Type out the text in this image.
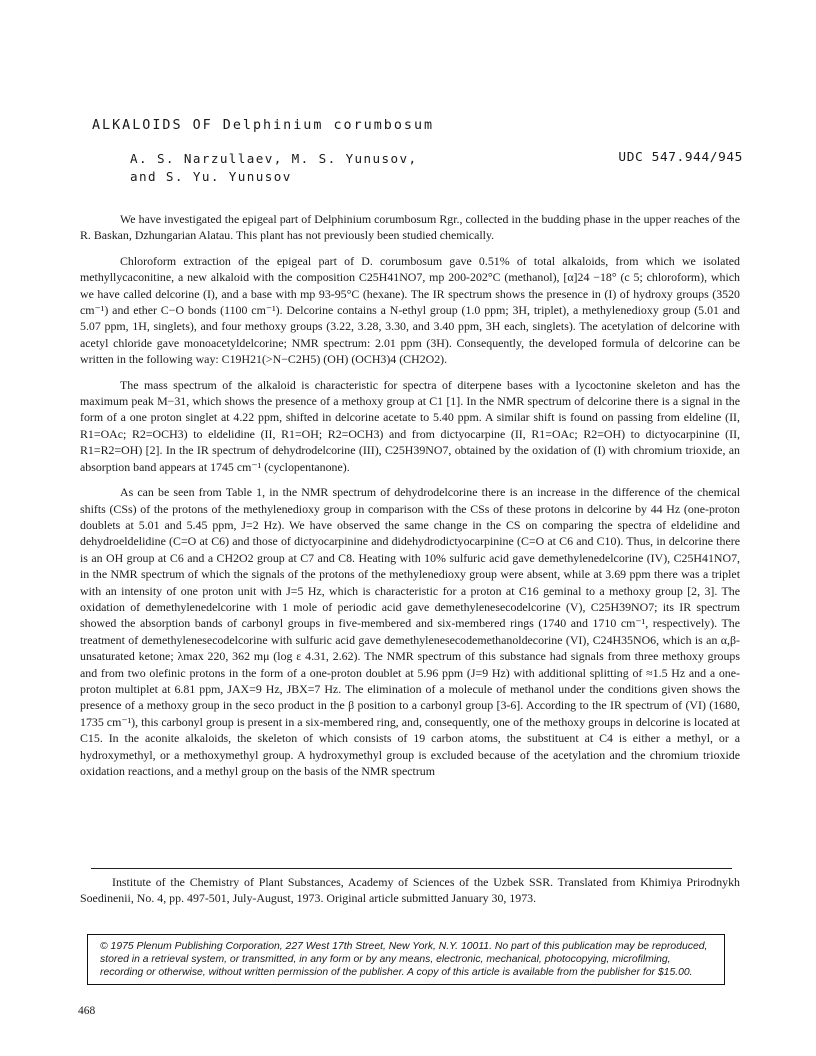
ALKALOIDS OF Delphinium corumbosum
A. S. Narzullaev, M. S. Yunusov,
and S. Yu. Yunusov
UDC 547.944/945

We have investigated the epigeal part of Delphinium corumbosum Rgr., collected in the budding phase in the upper reaches of the R. Baskan, Dzhungarian Alatau. This plant has not previously been studied chemically.

Chloroform extraction of the epigeal part of D. corumbosum gave 0.51% of total alkaloids, from which we isolated methyllycaconitine, a new alkaloid with the composition C25H41NO7, mp 200-202°C (methanol), [α]24 −18° (c 5; chloroform), which we have called delcorine (I), and a base with mp 93-95°C (hexane). The IR spectrum shows the presence in (I) of hydroxy groups (3520 cm⁻¹) and ether C−O bonds (1100 cm⁻¹). Delcorine contains a N-ethyl group (1.0 ppm; 3H, triplet), a methylenedioxy group (5.01 and 5.07 ppm, 1H, singlets), and four methoxy groups (3.22, 3.28, 3.30, and 3.40 ppm, 3H each, singlets). The acetylation of delcorine with acetyl chloride gave monoacetyldelcorine; NMR spectrum: 2.01 ppm (3H). Consequently, the developed formula of delcorine can be written in the following way: C19H21(>N−C2H5) (OH) (OCH3)4 (CH2O2).

The mass spectrum of the alkaloid is characteristic for spectra of diterpene bases with a lycoctonine skeleton and has the maximum peak M−31, which shows the presence of a methoxy group at C1 [1]. In the NMR spectrum of delcorine there is a signal in the form of a one proton singlet at 4.22 ppm, shifted in delcorine acetate to 5.40 ppm. A similar shift is found on passing from eldeline (II, R1=OAc; R2=OCH3) to eldelidine (II, R1=OH; R2=OCH3) and from dictyocarpine (II, R1=OAc; R2=OH) to dictyocarpinine (II, R1=R2=OH) [2]. In the IR spectrum of dehydrodelcorine (III), C25H39NO7, obtained by the oxidation of (I) with chromium trioxide, an absorption band appears at 1745 cm⁻¹ (cyclopentanone).

As can be seen from Table 1, in the NMR spectrum of dehydrodelcorine there is an increase in the difference of the chemical shifts (CSs) of the protons of the methylenedioxy group in comparison with the CSs of these protons in delcorine by 44 Hz (one-proton doublets at 5.01 and 5.45 ppm, J=2 Hz). We have observed the same change in the CS on comparing the spectra of eldelidine and dehydroeldelidine (C=O at C6) and those of dictyocarpinine and didehydrodictyocarpinine (C=O at C6 and C10). Thus, in delcorine there is an OH group at C6 and a CH2O2 group at C7 and C8. Heating with 10% sulfuric acid gave demethylenedelcorine (IV), C25H41NO7, in the NMR spectrum of which the signals of the protons of the methylenedioxy group were absent, while at 3.69 ppm there was a triplet with an intensity of one proton unit with J=5 Hz, which is characteristic for a proton at C16 geminal to a methoxy group [2, 3]. The oxidation of demethylenedelcorine with 1 mole of periodic acid gave demethylenesecodelcorine (V), C25H39NO7; its IR spectrum showed the absorption bands of carbonyl groups in five-membered and six-membered rings (1740 and 1710 cm⁻¹, respectively). The treatment of demethylenesecodelcorine with sulfuric acid gave demethylenesecodemethanoldecorine (VI), C24H35NO6, which is an α,β-unsaturated ketone; λmax 220, 362 mμ (log ε 4.31, 2.62). The NMR spectrum of this substance had signals from three methoxy groups and from two olefinic protons in the form of a one-proton doublet at 5.96 ppm (J=9 Hz) with additional splitting of ≈1.5 Hz and a one-proton multiplet at 6.81 ppm, JAX=9 Hz, JBX=7 Hz. The elimination of a molecule of methanol under the conditions given shows the presence of a methoxy group in the seco product in the β position to a carbonyl group [3-6]. According to the IR spectrum of (VI) (1680, 1735 cm⁻¹), this carbonyl group is present in a six-membered ring, and, consequently, one of the methoxy groups in delcorine is located at C15. In the aconite alkaloids, the skeleton of which consists of 19 carbon atoms, the substituent at C4 is either a methyl, or a hydroxymethyl, or a methoxymethyl group. A hydroxymethyl group is excluded because of the acetylation and the chromium trioxide oxidation reactions, and a methyl group on the basis of the NMR spectrum

Institute of the Chemistry of Plant Substances, Academy of Sciences of the Uzbek SSR. Translated from Khimiya Prirodnykh Soedinenii, No. 4, pp. 497-501, July-August, 1973. Original article submitted January 30, 1973.
© 1975 Plenum Publishing Corporation, 227 West 17th Street, New York, N.Y. 10011. No part of this publication may be reproduced, stored in a retrieval system, or transmitted, in any form or by any means, electronic, mechanical, photocopying, microfilming, recording or otherwise, without written permission of the publisher. A copy of this article is available from the publisher for $15.00.
468
